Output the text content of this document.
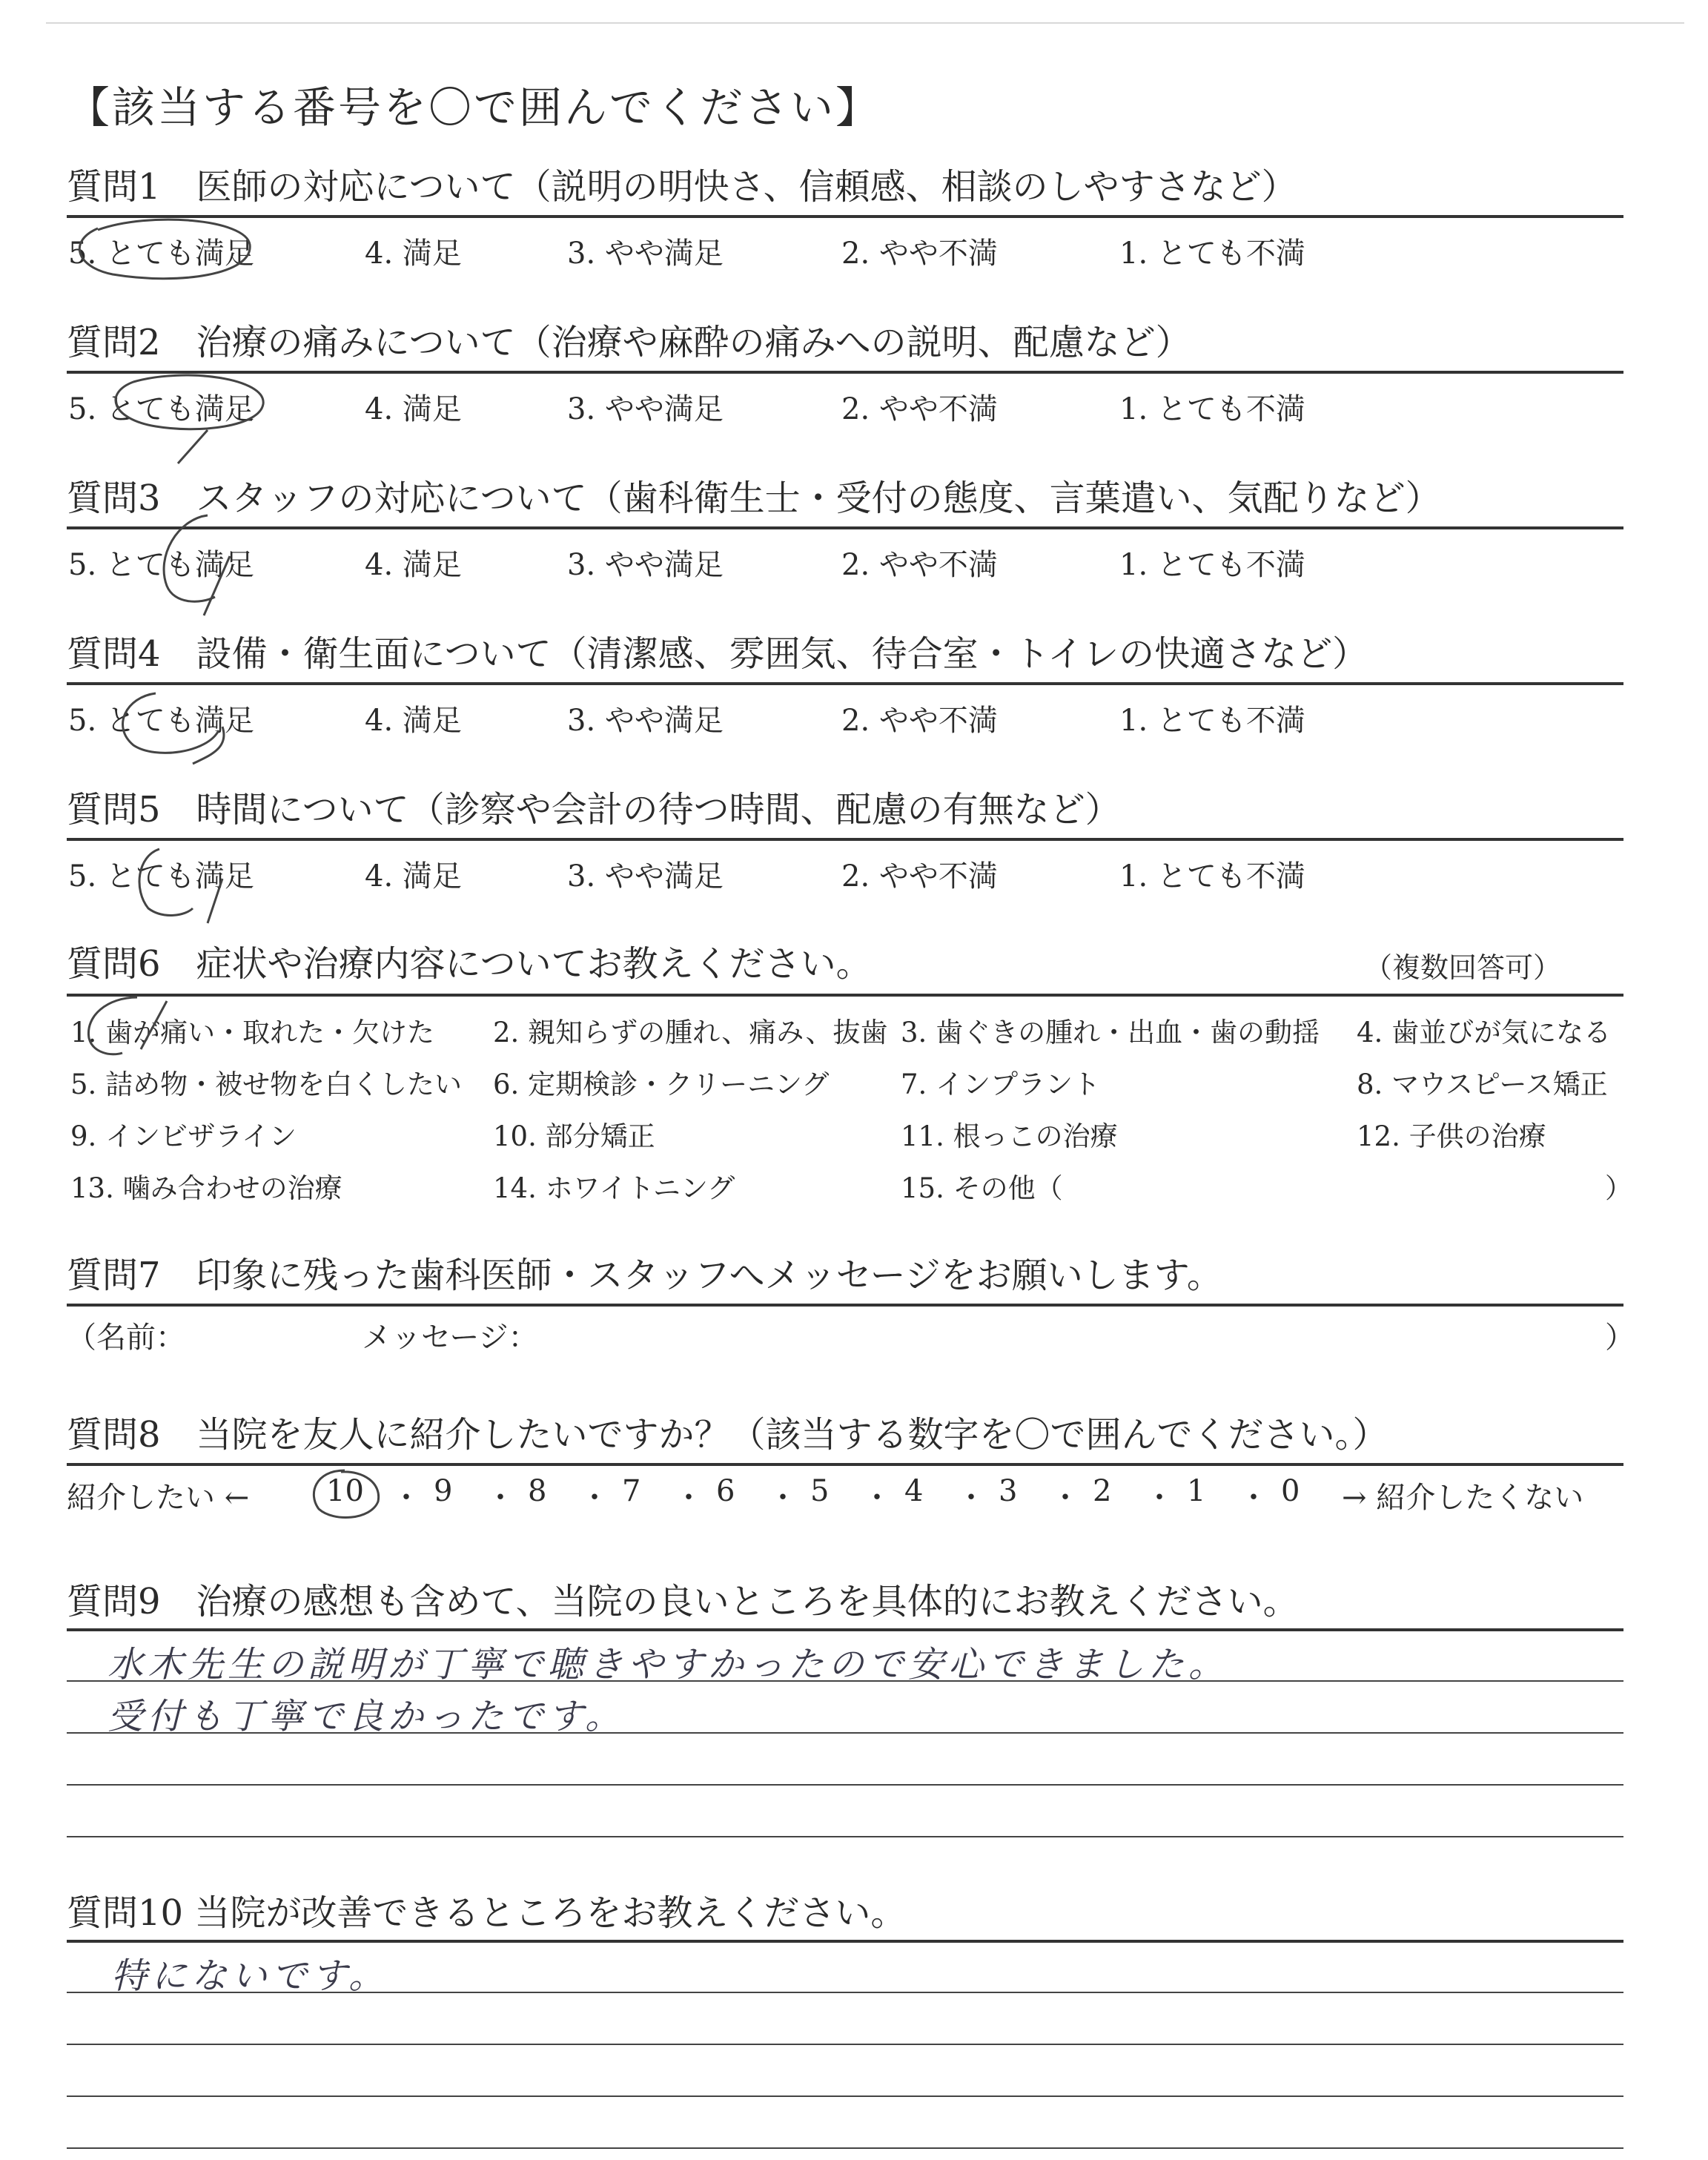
【該当する番号を〇で囲んでください】
質問1　医師の対応について（説明の明快さ、信頼感、相談のしやすさなど）
5. とても満足	4. 満足	3. やや満足	2. やや不満	1. とても不満
質問2　治療の痛みについて（治療や麻酔の痛みへの説明、配慮など）
5. とても満足	4. 満足	3. やや満足	2. やや不満	1. とても不満
質問3　スタッフの対応について（歯科衛生士・受付の態度、言葉遣い、気配りなど）
5. とても満足	4. 満足	3. やや満足	2. やや不満	1. とても不満
質問4　設備・衛生面について（清潔感、雰囲気、待合室・トイレの快適さなど）
5. とても満足	4. 満足	3. やや満足	2. やや不満	1. とても不満
質問5　時間について（診察や会計の待つ時間、配慮の有無など）
5. とても満足	4. 満足	3. やや満足	2. やや不満	1. とても不満
質問6　症状や治療内容についてお教えください。	（複数回答可）
1. 歯が痛い・取れた・欠けた 2. 親知らずの腫れ、痛み、抜歯 3. 歯ぐきの腫れ・出血・歯の動揺 4. 歯並びが気になる
5. 詰め物・被せ物を白くしたい 6. 定期検診・クリーニング	7. インプラント	8. マウスピース矯正
9. インビザライン	10. 部分矯正	11. 根っこの治療	12. 子供の治療
13. 噛み合わせの治療	14. ホワイトニング	15. その他（	）
質問7　印象に残った歯科医師・スタッフへメッセージをお願いします。
（名前：	メッセージ：	）
質問8　当院を友人に紹介したいですか？（該当する数字を〇で囲んでください。）
紹介したい ←	10 ・ 9 ・ 8 ・ 7 ・ 6 ・ 5 ・ 4 ・ 3 ・ 2 ・ 1 ・ 0 → 紹介したくない
質問9　治療の感想も含めて、当院の良いところを具体的にお教えください。
水木先生の説明が丁寧で聴きやすかったので安心できました。
受付も丁寧で良かったです。
質問10 当院が改善できるところをお教えください。
特にないです。
